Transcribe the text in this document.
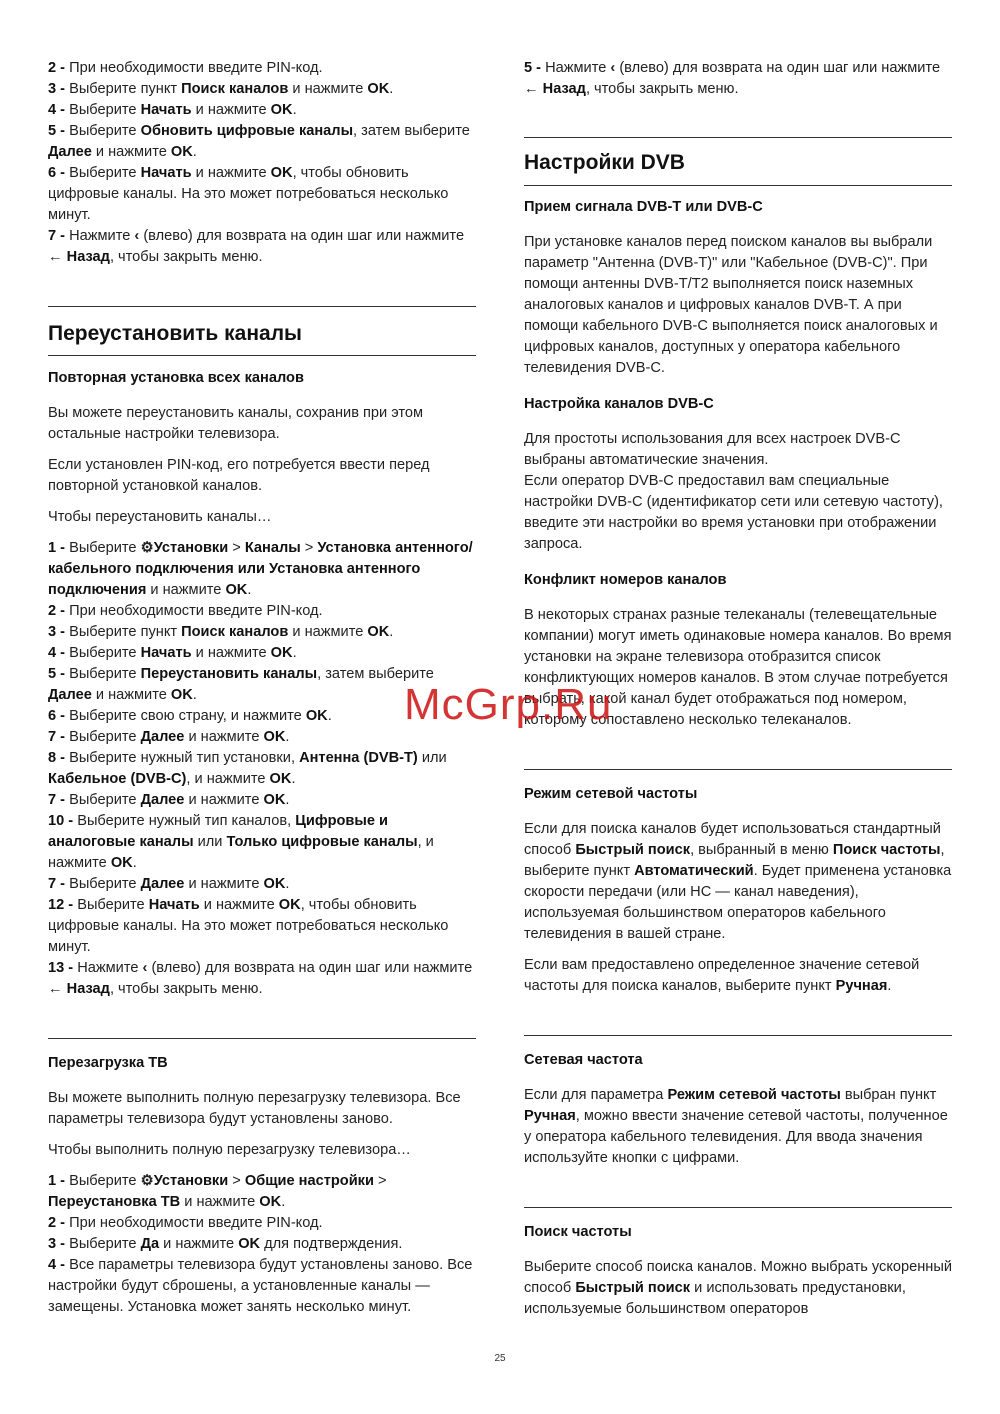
2 - При необходимости введите PIN-код.

3 - Выберите пункт Поиск каналов и нажмите OK.

4 - Выберите Начать и нажмите OK.

5 - Выберите Обновить цифровые каналы, затем выберите Далее и нажмите OK.

6 - Выберите Начать и нажмите OK, чтобы обновить цифровые каналы. На это может потребоваться несколько минут.

7 - Нажмите ‹ (влево) для возврата на один шаг или нажмите ← Назад, чтобы закрыть меню.

Переустановить каналы

Повторная установка всех каналов

Вы можете переустановить каналы, сохранив при этом остальные настройки телевизора.

Если установлен PIN-код, его потребуется ввести перед повторной установкой каналов.

Чтобы переустановить каналы…

1 - Выберите ⚙Установки > Каналы > Установка антенного/кабельного подключения или Установка антенного подключения и нажмите OK.

2 - При необходимости введите PIN-код.

3 - Выберите пункт Поиск каналов и нажмите OK.

4 - Выберите Начать и нажмите OK.

5 - Выберите Переустановить каналы, затем выберите Далее и нажмите OK.

6 - Выберите свою страну, и нажмите OK.

7 - Выберите Далее и нажмите OK.

8 - Выберите нужный тип установки, Антенна (DVB-T) или Кабельное (DVB-C), и нажмите OK.

7 - Выберите Далее и нажмите OK.

10 - Выберите нужный тип каналов, Цифровые и аналоговые каналы или Только цифровые каналы, и нажмите OK.

7 - Выберите Далее и нажмите OK.

12 - Выберите Начать и нажмите OK, чтобы обновить цифровые каналы. На это может потребоваться несколько минут.

13 - Нажмите ‹ (влево) для возврата на один шаг или нажмите ← Назад, чтобы закрыть меню.

Перезагрузка ТВ

Вы можете выполнить полную перезагрузку телевизора. Все параметры телевизора будут установлены заново.

Чтобы выполнить полную перезагрузку телевизора…

1 - Выберите ⚙Установки > Общие настройки > Переустановка ТВ и нажмите OK.

2 - При необходимости введите PIN-код.

3 - Выберите Да и нажмите OK для подтверждения.

4 - Все параметры телевизора будут установлены заново. Все настройки будут сброшены, а установленные каналы — замещены. Установка может занять несколько минут.

5 - Нажмите ‹ (влево) для возврата на один шаг или нажмите ← Назад, чтобы закрыть меню.

Настройки DVB

Прием сигнала DVB-T или DVB-C

При установке каналов перед поиском каналов вы выбрали параметр "Антенна (DVB-T)" или "Кабельное (DVB-C)". При помощи антенны DVB-T/T2 выполняется поиск наземных аналоговых каналов и цифровых каналов DVB-T. А при помощи кабельного DVB-C выполняется поиск аналоговых и цифровых каналов, доступных у оператора кабельного телевидения DVB-C.

Настройка каналов DVB-C

Для простоты использования для всех настроек DVB-C выбраны автоматические значения.

Если оператор DVB-C предоставил вам специальные настройки DVB-C (идентификатор сети или сетевую частоту), введите эти настройки во время установки при отображении запроса.

Конфликт номеров каналов

В некоторых странах разные телеканалы (телевещательные компании) могут иметь одинаковые номера каналов. Во время установки на экране телевизора отобразится список конфликтующих номеров каналов. В этом случае потребуется выбрать, какой канал будет отображаться под номером, которому сопоставлено несколько телеканалов.

Режим сетевой частоты

Если для поиска каналов будет использоваться стандартный способ Быстрый поиск, выбранный в меню Поиск частоты, выберите пункт Автоматический. Будет применена установка скорости передачи (или НС — канал наведения), используемая большинством операторов кабельного телевидения в вашей стране.

Если вам предоставлено определенное значение сетевой частоты для поиска каналов, выберите пункт Ручная.

Сетевая частота

Если для параметра Режим сетевой частоты выбран пункт Ручная, можно ввести значение сетевой частоты, полученное у оператора кабельного телевидения. Для ввода значения используйте кнопки с цифрами.

Поиск частоты

Выберите способ поиска каналов. Можно выбрать ускоренный способ Быстрый поиск и использовать предустановки, используемые большинством операторов

McGrp.Ru
25
